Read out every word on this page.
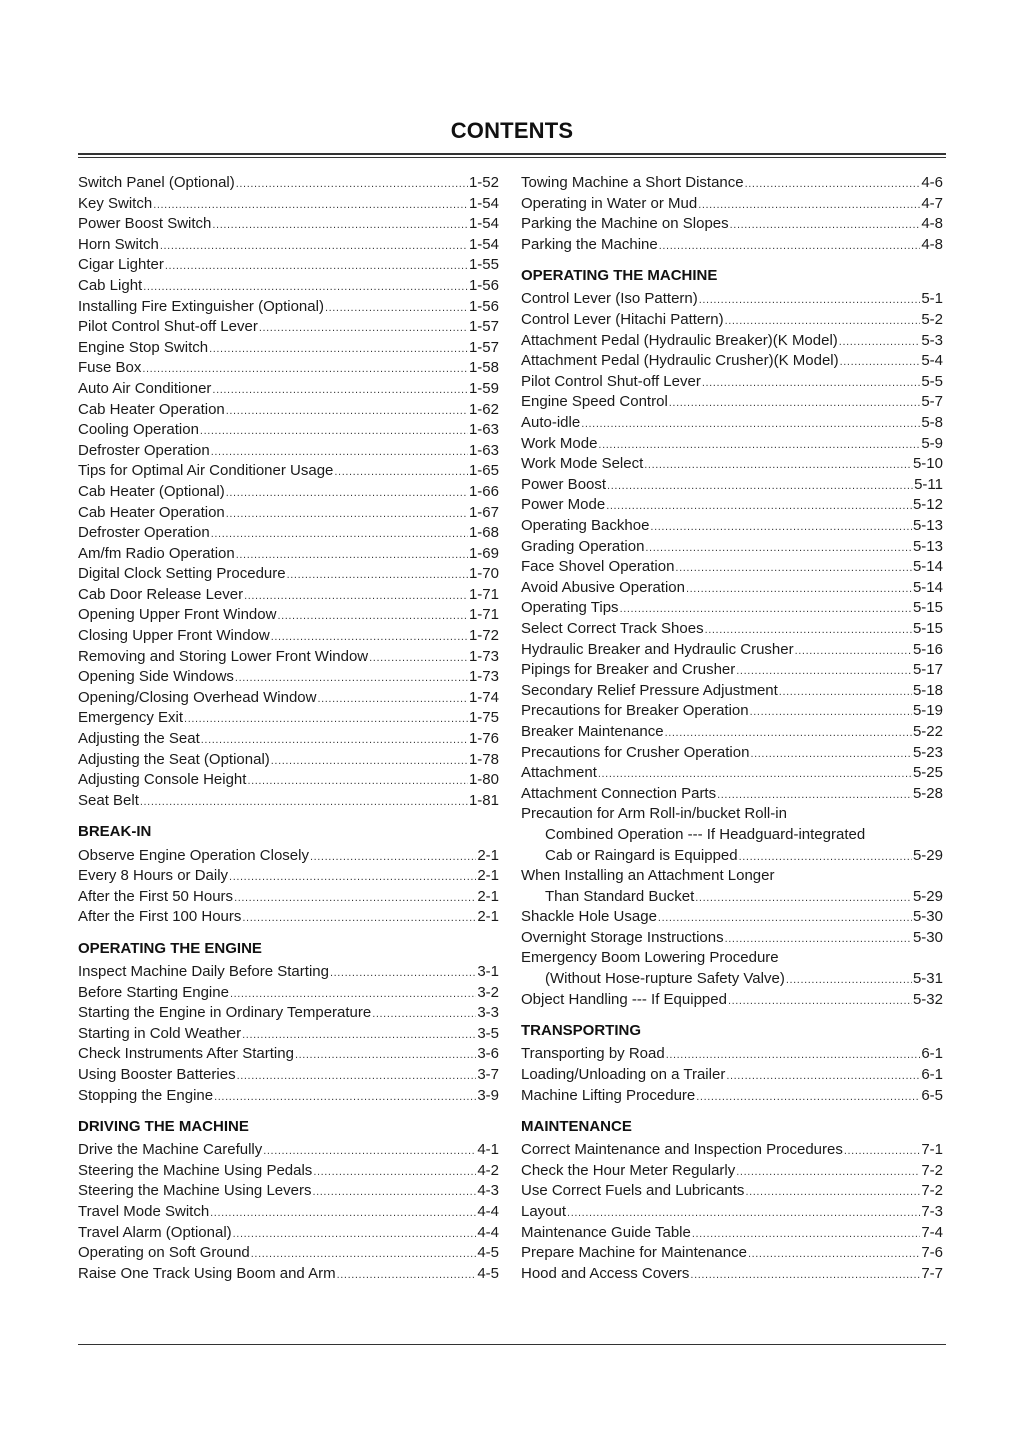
CONTENTS
Switch Panel (Optional) .....	1-52
Key Switch .....	1-54
Power Boost Switch .....	1-54
Horn Switch .....	1-54
Cigar Lighter .....	1-55
Cab Light .....	1-56
Installing Fire Extinguisher (Optional) .....	1-56
Pilot Control Shut-off Lever .....	1-57
Engine Stop Switch .....	1-57
Fuse Box .....	1-58
Auto Air Conditioner .....	1-59
Cab Heater Operation .....	1-62
Cooling Operation .....	1-63
Defroster Operation .....	1-63
Tips for Optimal Air Conditioner Usage .....	1-65
Cab Heater (Optional) .....	1-66
Cab Heater Operation .....	1-67
Defroster Operation .....	1-68
Am/fm Radio Operation .....	1-69
Digital Clock Setting Procedure .....	1-70
Cab Door Release Lever .....	1-71
Opening Upper Front Window .....	1-71
Closing Upper Front Window .....	1-72
Removing and Storing Lower Front Window .....	1-73
Opening Side Windows .....	1-73
Opening/Closing Overhead Window .....	1-74
Emergency Exit .....	1-75
Adjusting the Seat .....	1-76
Adjusting the Seat (Optional) .....	1-78
Adjusting Console Height .....	1-80
Seat Belt .....	1-81
BREAK-IN
Observe Engine Operation Closely .....	2-1
Every 8 Hours or Daily .....	2-1
After the First 50 Hours .....	2-1
After the First 100 Hours .....	2-1
OPERATING THE ENGINE
Inspect Machine Daily Before Starting .....	3-1
Before Starting Engine .....	3-2
Starting the Engine in Ordinary Temperature .....	3-3
Starting in Cold Weather .....	3-5
Check Instruments After Starting .....	3-6
Using Booster Batteries .....	3-7
Stopping the Engine .....	3-9
DRIVING THE MACHINE
Drive the Machine Carefully .....	4-1
Steering the Machine Using Pedals .....	4-2
Steering the Machine Using Levers .....	4-3
Travel Mode Switch .....	4-4
Travel Alarm (Optional) .....	4-4
Operating on Soft Ground .....	4-5
Raise One Track Using Boom and Arm .....	4-5
Towing Machine a Short Distance .....	4-6
Operating in Water or Mud .....	4-7
Parking the Machine on Slopes .....	4-8
Parking the Machine .....	4-8
OPERATING THE MACHINE
Control Lever (Iso Pattern) .....	5-1
Control Lever (Hitachi Pattern) .....	5-2
Attachment Pedal (Hydraulic Breaker)(K Model) .....	5-3
Attachment Pedal (Hydraulic Crusher)(K Model) .....	5-4
Pilot Control Shut-off Lever .....	5-5
Engine Speed Control .....	5-7
Auto-idle .....	5-8
Work Mode .....	5-9
Work Mode Select .....	5-10
Power Boost .....	5-11
Power Mode .....	5-12
Operating Backhoe .....	5-13
Grading Operation .....	5-13
Face Shovel Operation .....	5-14
Avoid Abusive Operation .....	5-14
Operating Tips .....	5-15
Select Correct Track Shoes .....	5-15
Hydraulic Breaker and Hydraulic Crusher .....	5-16
Pipings for Breaker and Crusher .....	5-17
Secondary Relief Pressure Adjustment .....	5-18
Precautions for Breaker Operation .....	5-19
Breaker Maintenance .....	5-22
Precautions for Crusher Operation .....	5-23
Attachment .....	5-25
Attachment Connection Parts .....	5-28
Precaution for Arm Roll-in/bucket Roll-in
Combined Operation --- If Headguard-integrated
Cab or Raingard is Equipped .....	5-29
When Installing an Attachment Longer
Than Standard Bucket .....	5-29
Shackle Hole Usage .....	5-30
Overnight Storage Instructions .....	5-30
Emergency Boom Lowering Procedure
(Without Hose-rupture Safety Valve) .....	5-31
Object Handling --- If Equipped .....	5-32
TRANSPORTING
Transporting by Road .....	6-1
Loading/Unloading on a Trailer .....	6-1
Machine Lifting Procedure .....	6-5
MAINTENANCE
Correct Maintenance and Inspection Procedures .....	7-1
Check the Hour Meter Regularly .....	7-2
Use Correct Fuels and Lubricants .....	7-2
Layout .....	7-3
Maintenance Guide Table .....	7-4
Prepare Machine for Maintenance .....	7-6
Hood and Access Covers .....	7-7
